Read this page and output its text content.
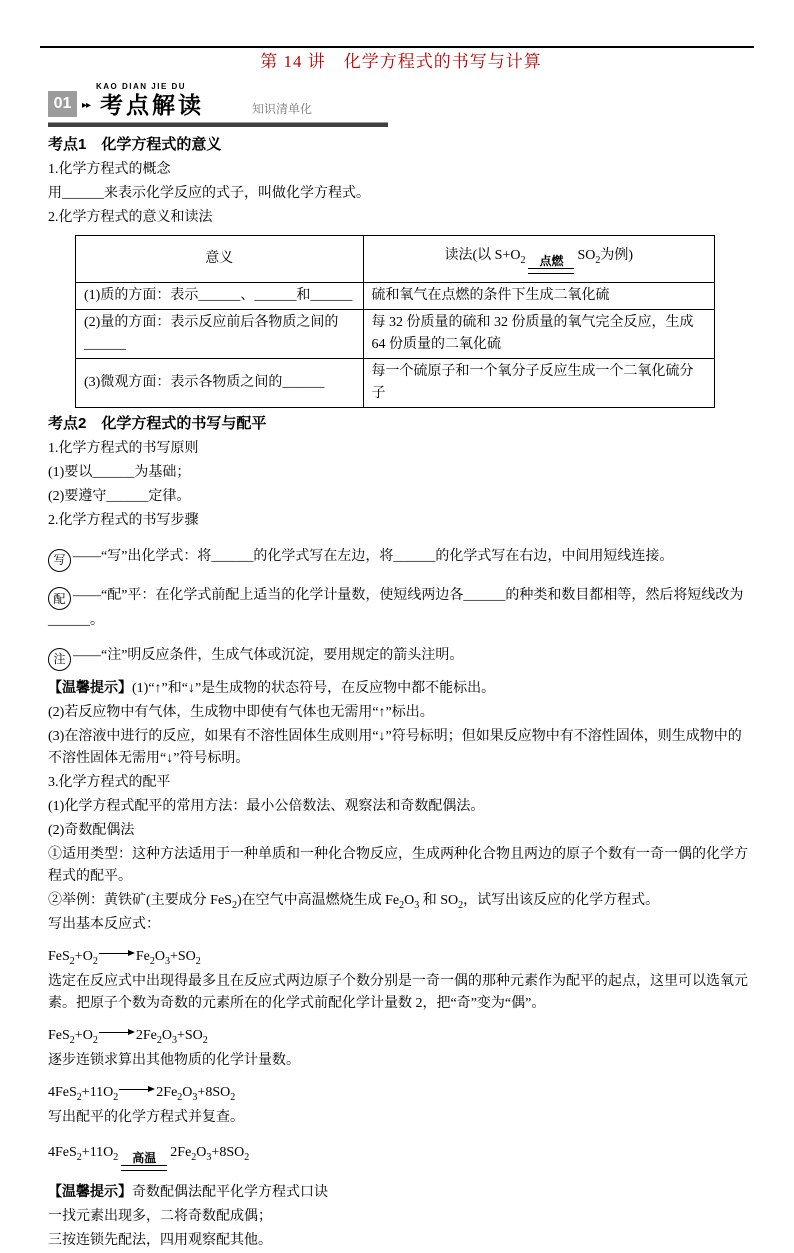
第 14 讲　化学方程式的书写与计算
01
KAO DIAN JIE DU
▸▸ 考点解读	知识清单化
考点1　化学方程式的意义

1.化学方程式的概念

用______来表示化学反应的式子，叫做化学方程式。

2.化学方程式的意义和读法

意义	读法(以 $S+O_2$ 点燃 $SO_2$为例)
(1)质的方面：表示______、______和______	硫和氧气在点燃的条件下生成二氧化硫
(2)量的方面：表示反应前后各物质之间的______	每 32 份质量的硫和 32 份质量的氧气完全反应，生成 64 份质量的二氧化硫
(3)微观方面：表示各物质之间的______	每一个硫原子和一个氧分子反应生成一个二氧化硫分子
考点2　化学方程式的书写与配平

1.化学方程式的书写原则

(1)要以______为基础；

(2)要遵守______定律。

2.化学方程式的书写步骤

写 ——“写”出化学式：将______的化学式写在左边，将______的化学式写在右边，中间用短线连接。

配 ——“配”平：在化学式前配上适当的化学计量数，使短线两边各______的种类和数目都相等，然后将短线改为______。

注 ——“注”明反应条件，生成气体或沉淀，要用规定的箭头注明。

【温馨提示】(1)“↑”和“↓”是生成物的状态符号，在反应物中都不能标出。

(2)若反应物中有气体，生成物中即使有气体也无需用“↑”标出。

(3)在溶液中进行的反应，如果有不溶性固体生成则用“↓”符号标明；但如果反应物中有不溶性固体，则生成物中的不溶性固体无需用“↓”符号标明。

3.化学方程式的配平

(1)化学方程式配平的常用方法：最小公倍数法、观察法和奇数配偶法。

(2)奇数配偶法

①适用类型：这种方法适用于一种单质和一种化合物反应，生成两种化合物且两边的原子个数有一奇一偶的化学方程式的配平。

②举例：黄铁矿(主要成分 FeS$_2$)在空气中高温燃烧生成 $Fe_2O_3$ 和 $SO_2$，试写出该反应的化学方程式。

写出基本反应式：

$FeS_2+O_2$	$Fe_2O_3+SO_2$

选定在反应式中出现得最多且在反应式两边原子个数分别是一奇一偶的那种元素作为配平的起点，这里可以选氧元素。把原子个数为奇数的元素所在的化学式前配化学计量数 2，把“奇”变为“偶”。

$FeS_2+O_2$	$2Fe_2O_3+SO_2$

逐步连锁求算出其他物质的化学计量数。

$4FeS_2+11O_2$	$2Fe_2O_3+8SO_2$

写出配平的化学方程式并复查。

$4FeS_2+11O_2$ 高温 $2Fe_2O_3+8SO_2$

【温馨提示】奇数配偶法配平化学方程式口诀

一找元素出现多，二将奇数配成偶；

三按连锁先配法，四用观察配其他。
